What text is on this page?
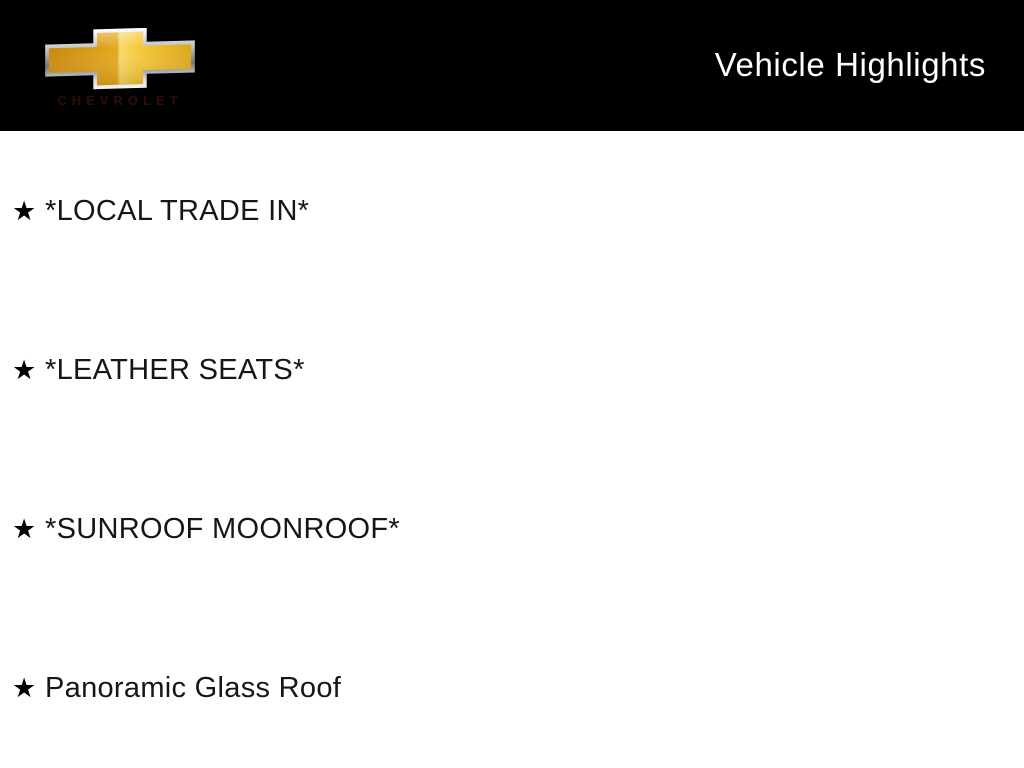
CHEVROLET
Vehicle Highlights
★ *LOCAL TRADE IN*
★ *LEATHER SEATS*
★ *SUNROOF MOONROOF*
★ Panoramic Glass Roof
